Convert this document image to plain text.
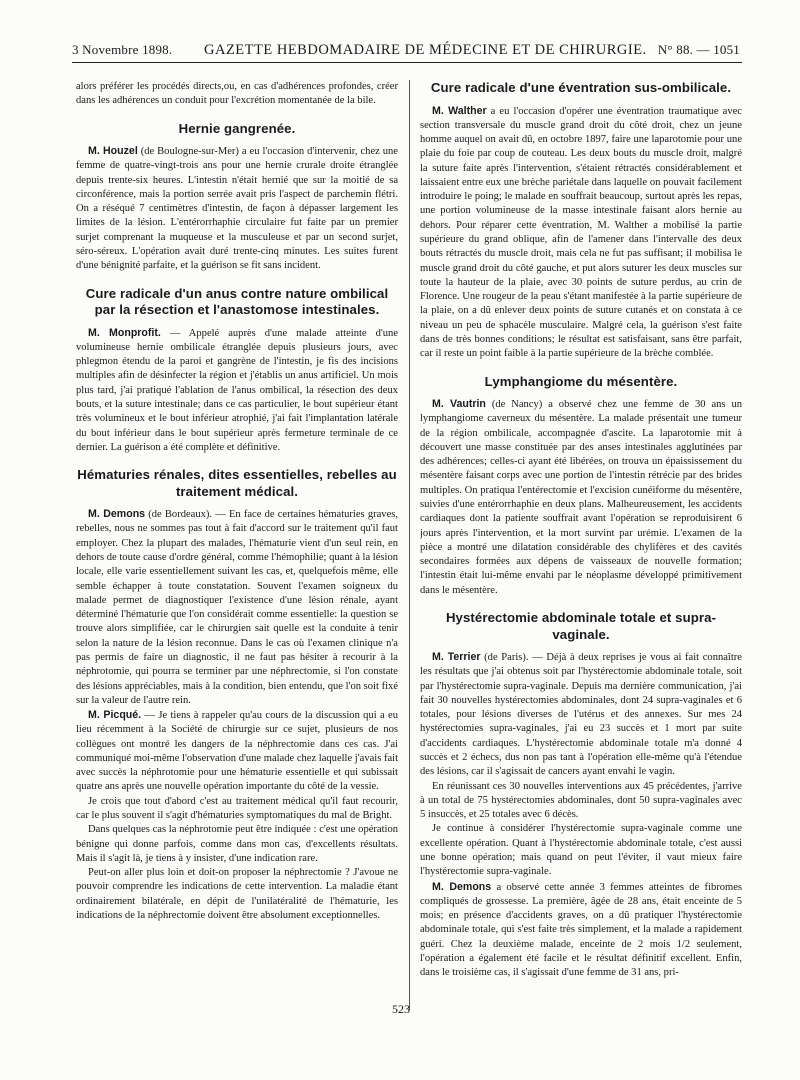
3 Novembre 1898. GAZETTE HEBDOMADAIRE DE MÉDECINE ET DE CHIRURGIE. N° 88. — 1051

alors préférer les procédés directs,ou, en cas d'adhérences profondes, créer dans les adhérences un conduit pour l'excrétion momentanée de la bile.

Hernie gangrenée.

M. Houzel (de Boulogne-sur-Mer) a eu l'occasion d'intervenir, chez une femme de quatre-vingt-trois ans pour une hernie crurale droite étranglée depuis trente-six heures. L'intestin n'était hernié que sur la moitié de sa circonférence, mais la portion serrée avait pris l'aspect de parchemin flétri. On a réséqué 7 centimètres d'intestin, de façon à dépasser largement les limites de la lésion. L'entérorrhaphie circulaire fut faite par un premier surjet comprenant la muqueuse et la musculeuse et par un second surjet, séro-séreux. L'opération avait duré trente-cinq minutes. Les suites furent d'une bénignité parfaite, et la guérison se fit sans incident.

Cure radicale d'un anus contre nature ombilical par la résection et l'anastomose intestinales.

M. Monprofit. — Appelé auprès d'une malade atteinte d'une volumineuse hernie ombilicale étranglée depuis plusieurs jours, avec phlegmon étendu de la paroi et gangrène de l'intestin, je fis des incisions multiples afin de désinfecter la région et j'établis un anus artificiel. Un mois plus tard, j'ai pratiqué l'ablation de l'anus ombilical, la résection des deux bouts, et la suture intestinale; dans ce cas particulier, le bout supérieur étant très volumineux et le bout inférieur atrophié, j'ai fait l'implantation latérale du bout inférieur dans le bout supérieur après fermeture terminale de ce dernier. La guérison a été complète et définitive.

Hématuries rénales, dites essentielles, rebelles au traitement médical.

M. Demons (de Bordeaux). — En face de certaines hématuries graves, rebelles, nous ne sommes pas tout à fait d'accord sur le traitement qu'il faut employer. Chez la plupart des malades, l'hématurie vient d'un seul rein, en dehors de toute cause d'ordre général, comme l'hémophilie; quant à la lésion locale, elle varie essentiellement suivant les cas, et, quelquefois même, elle semble échapper à toute constatation. Souvent l'examen soigneux du malade permet de diagnostiquer l'existence d'une lésion rénale, ayant déterminé l'hématurie que l'on considérait comme essentielle: la question se trouve alors simplifiée, car le chirurgien sait quelle est la conduite à tenir selon la nature de la lésion reconnue. Dans le cas où l'examen clinique n'a pas permis de faire un diagnostic, il ne faut pas hésiter à recourir à la néphrotomie, qui pourra se terminer par une néphrectomie, si l'on constate des lésions appréciables, mais à la condition, bien entendu, que l'on soit fixé sur la valeur de l'autre rein.

M. Picqué. — Je tiens à rappeler qu'au cours de la discussion qui a eu lieu récemment à la Société de chirurgie sur ce sujet, plusieurs de nos collègues ont montré les dangers de la néphrectomie dans ces cas. J'ai communiqué moi-même l'observation d'une malade chez laquelle j'avais fait avec succès la néphrotomie pour une hématurie essentielle et qui subissait quatre ans après une nouvelle opération importante du côté de la vessie.

Je crois que tout d'abord c'est au traitement médical qu'il faut recourir, car le plus souvent il s'agit d'hématuries symptomatiques du mal de Bright.

Dans quelques cas la néphrotomie peut être indiquée : c'est une opération bénigne qui donne parfois, comme dans mon cas, d'excellents résultats. Mais il s'agit là, je tiens à y insister, d'une indication rare.

Peut-on aller plus loin et doit-on proposer la néphrectomie ? J'avoue ne pouvoir comprendre les indications de cette intervention. La maladie étant ordinairement bilatérale, en dépit de l'unilatéralité de l'hématurie, les indications de la néphrectomie doivent être absolument exceptionnelles.

Cure radicale d'une éventration sus-ombilicale.

M. Walther a eu l'occasion d'opérer une éventration traumatique avec section transversale du muscle grand droit du côté droit, chez un jeune homme auquel on avait dû, en octobre 1897, faire une laparotomie pour une plaie du foie par coup de couteau. Les deux bouts du muscle droit, malgré la suture faite après l'intervention, s'étaient rétractés considérablement et laissaient entre eux une brèche pariétale dans laquelle on pouvait facilement introduire le poing; le malade en souffrait beaucoup, surtout après les repas, une portion volumineuse de la masse intestinale faisant alors hernie au dehors. Pour réparer cette éventration, M. Walther a mobilisé la partie supérieure du grand oblique, afin de l'amener dans l'intervalle des deux bouts rétractés du muscle droit, mais cela ne fut pas suffisant; il mobilisa le muscle grand droit du côté gauche, et put alors suturer les deux muscles sur toute la hauteur de la plaie, avec 30 points de suture perdus, au crin de Florence. Une rougeur de la peau s'étant manifestée à la partie supérieure de la plaie, on a dû enlever deux points de suture cutanés et on constata à ce niveau un peu de sphacèle musculaire. Malgré cela, la guérison s'est faite dans de très bonnes conditions; le résultat est satisfaisant, sans être parfait, car il reste un point faible à la partie supérieure de la brèche comblée.

Lymphangiome du mésentère.

M. Vautrin (de Nancy) a observé chez une femme de 30 ans un lymphangiome caverneux du mésentère. La malade présentait une tumeur de la région ombilicale, accompagnée d'ascite. La laparotomie mit à découvert une masse constituée par des anses intestinales agglutinées par des adhérences; celles-ci ayant été libérées, on trouva un épaississement du mésentère faisant corps avec une portion de l'intestin rétrécie par des brides multiples. On pratiqua l'entérectomie et l'excision cunéiforme du mésentère, suivies d'une entérorrhaphie en deux plans. Malheureusement, les accidents cardiaques dont la patiente souffrait avant l'opération se reproduisirent 6 jours après l'intervention, et la mort survint par urémie. L'examen de la pièce a montré une dilatation considérable des chylifères et des cavités secondaires formées aux dépens de vaisseaux de nouvelle formation; l'intestin était lui-même envahi par le néoplasme développé primitivement dans le mésentère.

Hystérectomie abdominale totale et supra-vaginale.

M. Terrier (de Paris). — Déjà à deux reprises je vous ai fait connaître les résultats que j'ai obtenus soit par l'hystérectomie abdominale totale, soit par l'hystérectomie supra-vaginale. Depuis ma dernière communication, j'ai fait 30 nouvelles hystérectomies abdominales, dont 24 supra-vaginales et 6 totales, pour lésions diverses de l'utérus et des annexes. Sur mes 24 hystérectomies supra-vaginales, j'ai eu 23 succès et 1 mort par suite d'accidents cardiaques. L'hystérectomie abdominale totale m'a donné 4 succès et 2 échecs, dus non pas tant à l'opération elle-même qu'à l'étendue des lésions, car il s'agissait de cancers ayant envahi le vagin.

En réunissant ces 30 nouvelles interventions aux 45 précédentes, j'arrive à un total de 75 hystérectomies abdominales, dont 50 supra-vaginales avec 5 insuccès, et 25 totales avec 6 décès.

Je continue à considérer l'hystérectomie supra-vaginale comme une excellente opération. Quant à l'hystérectomie abdominale totale, c'est aussi une bonne opération; mais quand on peut l'éviter, il vaut mieux faire l'hystérectomie supra-vaginale.

M. Demons a observé cette année 3 femmes atteintes de fibromes compliqués de grossesse. La première, âgée de 28 ans, était enceinte de 5 mois; en présence d'accidents graves, on a dû pratiquer l'hystérectomie abdominale totale, qui s'est faite très simplement, et la malade a rapidement guéri. Chez la deuxième malade, enceinte de 2 mois 1/2 seulement, l'opération a également été facile et le résultat définitif excellent. Enfin, dans le troisième cas, il s'agissait d'une femme de 31 ans, pri-

523
